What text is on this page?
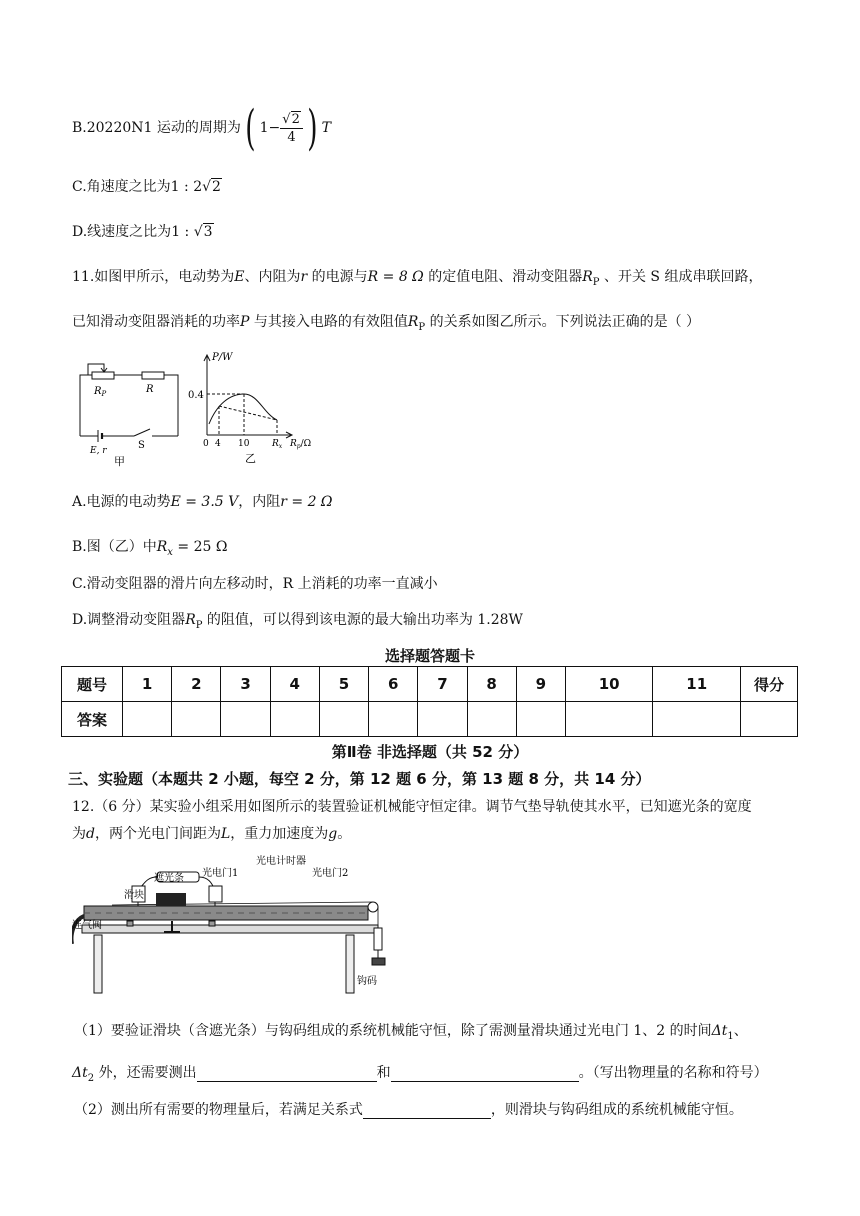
B.20220N1 运动的周期为( $1- \frac{√2}{4}$ ) T
C.角速度之比为1 : 2√2
D.线速度之比为1 : √3
11.如图甲所示，电动势为E、内阻为r 的电源与R = 8 Ω 的定值电阻、滑动变阻器$R_P$ 、开关 S 组成串联回路，
已知滑动变阻器消耗的功率P 与其接入电路的有效阻值$R_P$ 的关系如图乙所示。下列说法正确的是（ ）
$R_P$	R
E, r	S
甲
P/W
0.4
0 4 10	$R_x$ $R_p/\Omega$
乙
A.电源的电动势E = 3.5 V，内阻r = 2 Ω
B.图（乙）中$R_x = 25$ Ω
C.滑动变阻器的滑片向左移动时，R 上消耗的功率一直减小
D.调整滑动变阻器$R_P$ 的阻值，可以得到该电源的最大输出功率为 1.28W
选择题答题卡
题号	1	2	3	4	5	6	7	8	9	10	11	得分
答案												
第Ⅱ卷 非选择题（共 52 分）
三、实验题（本题共 2 小题，每空 2 分，第 12 题 6 分，第 13 题 8 分，共 14 分）
12.（6 分）某实验小组采用如图所示的装置验证机械能守恒定律。调节气垫导轨使其水平，已知遮光条的宽度
为d，两个光电门间距为L，重力加速度为g。
遮光条 光电门1
光电计时器
光电门2
滑块
连气阀
钩码
（1）要验证滑块（含遮光条）与钩码组成的系统机械能守恒，除了需测量滑块通过光电门 1、2 的时间$\Delta t_1$、
$\Delta t_2$ 外，还需要测出	和	。（写出物理量的名称和符号）
（2）测出所有需要的物理量后，若满足关系式	，则滑块与钩码组成的系统机械能守恒。
